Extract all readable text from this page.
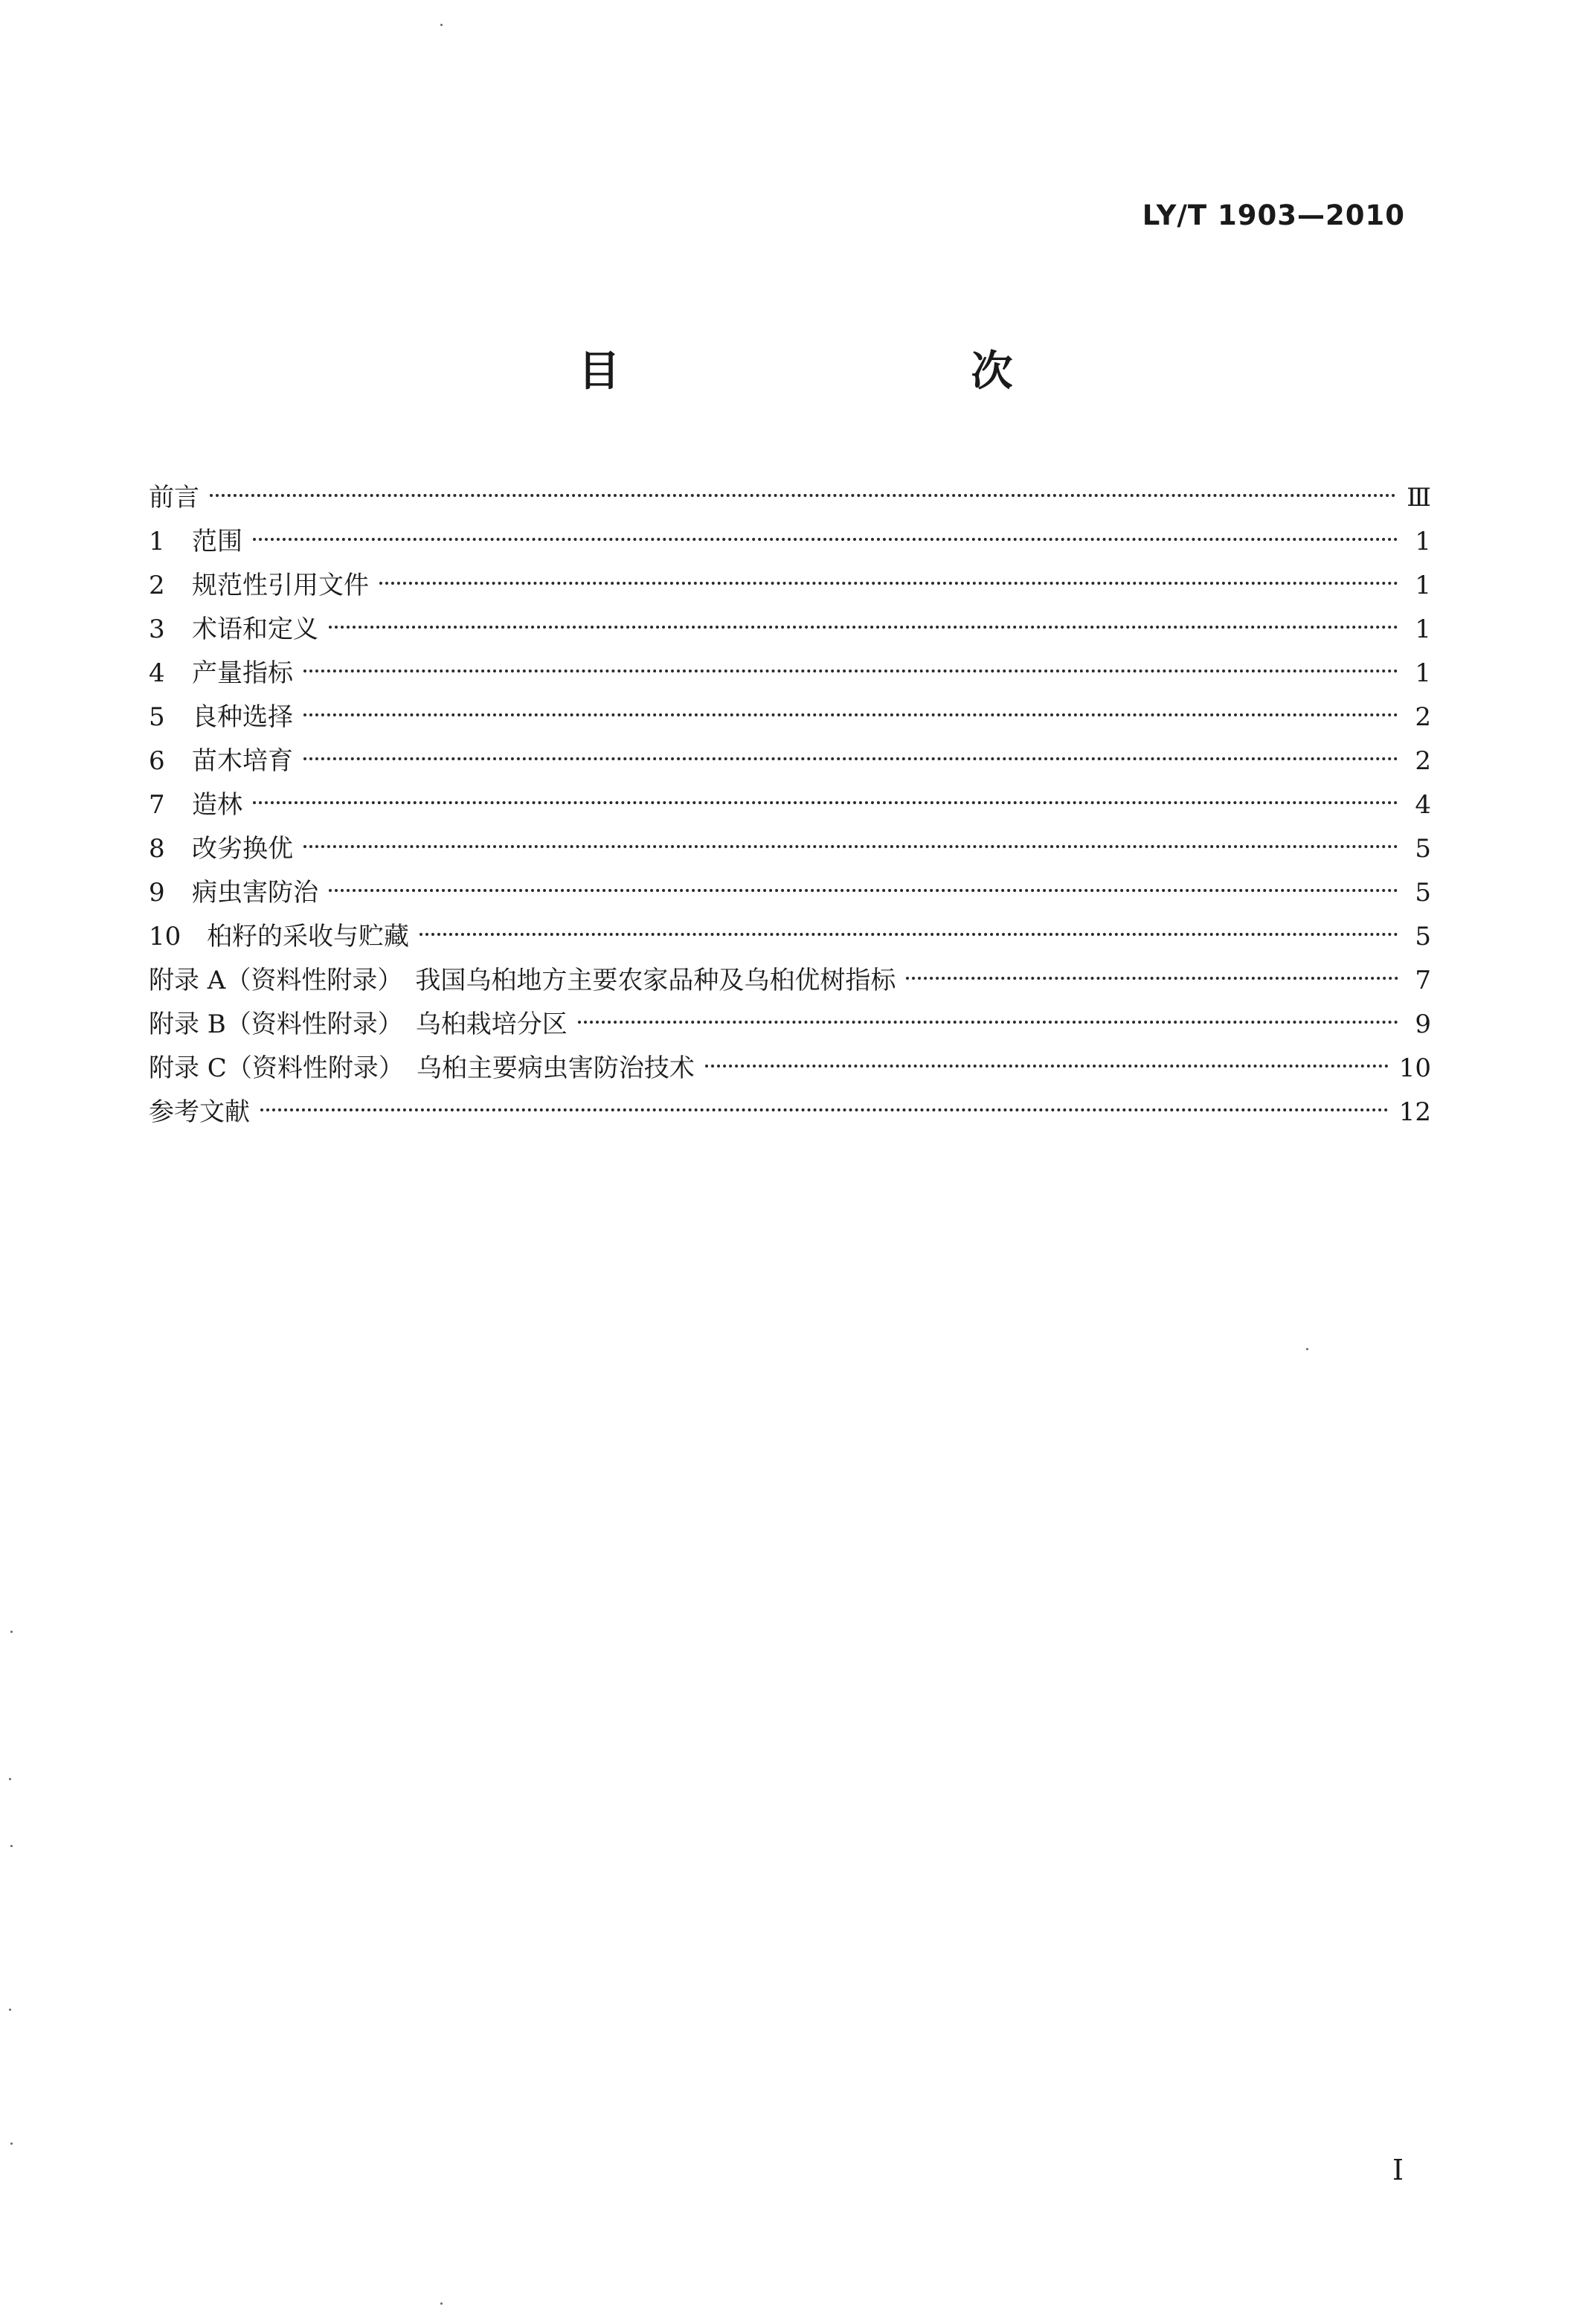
LY/T 1903—2010
目　　次
前言	Ⅲ
1	范围	1
2	规范性引用文件	1
3	术语和定义	1
4	产量指标	1
5	良种选择	2
6	苗木培育	2
7	造林	4
8	改劣换优	5
9	病虫害防治	5
10	桕籽的采收与贮藏	5
附录 A（资料性附录）　我国乌桕地方主要农家品种及乌桕优树指标	7
附录 B（资料性附录）　乌桕栽培分区	9
附录 C（资料性附录）　乌桕主要病虫害防治技术	10
参考文献	12
I
